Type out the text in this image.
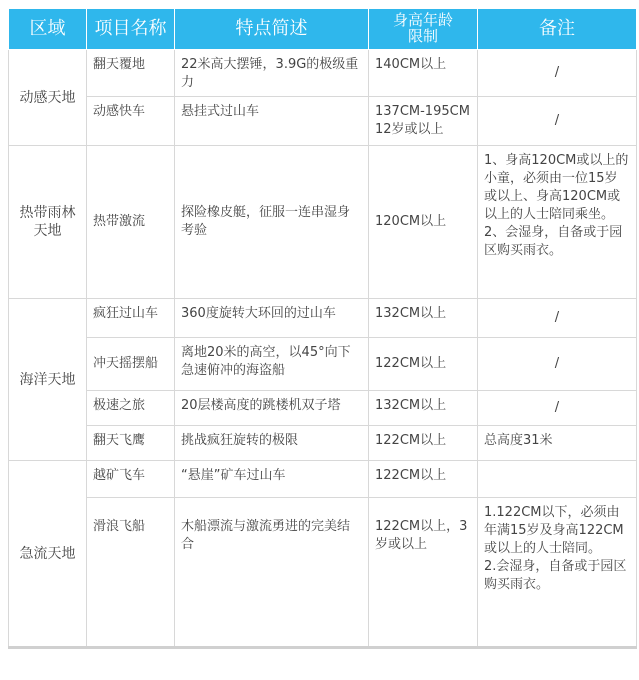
区域	项目名称	特点简述	身高年龄限制	备注
动感天地	翻天覆地	22米高大摆锤，3.9G的极级重力	140CM以上	/
	动感快车	悬挂式过山车	137CM-195CM 12岁或以上	/
热带雨林天地	热带激流	探险橡皮艇，征服一连串湿身考验	120CM以上	1、身高120CM或以上的小童，必须由一位15岁或以上、身高120CM或以上的人士陪同乘坐。
2、会湿身，自备或于园区购买雨衣。
海洋天地	疯狂过山车	360度旋转大环回的过山车	132CM以上	/
	冲天摇摆船	离地20米的高空，以45°向下急速俯冲的海盗船	122CM以上	/
	极速之旅	20层楼高度的跳楼机双子塔	132CM以上	/
	翻天飞鹰	挑战疯狂旋转的极限	122CM以上	总高度31米
急流天地	越矿飞车	“悬崖”矿车过山车	122CM以上	
	滑浪飞船	木船漂流与激流勇进的完美结合	122CM以上，3岁或以上	1.122CM以下，必须由年满15岁及身高122CM或以上的人士陪同。
2.会湿身，自备或于园区购买雨衣。
